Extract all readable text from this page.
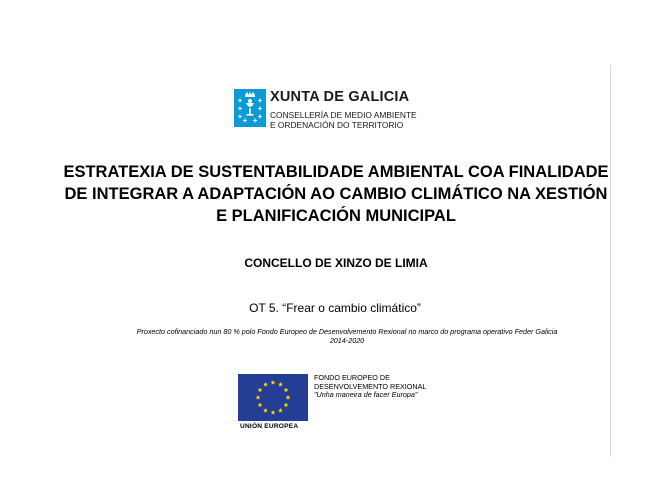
XUNTA DE GALICIA
CONSELLERÍA DE MEDIO AMBIENTE
E ORDENACIÓN DO TERRITORIO
ESTRATEXIA DE SUSTENTABILIDADE AMBIENTAL COA FINALIDADE
DE INTEGRAR A ADAPTACIÓN AO CAMBIO CLIMÁTICO NA XESTIÓN
E PLANIFICACIÓN MUNICIPAL
CONCELLO DE XINZO DE LIMIA
OT 5. “Frear o cambio climático”
Proxecto cofinanciado nun 80 % polo Fondo Europeo de Desenvolvemento Rexional no marco do programa operativo Feder Galicia
2014-2020
UNIÓN EUROPEA
FONDO EUROPEO DE
DESENVOLVEMENTO REXIONAL
"Unha maneira de facer Europa"
